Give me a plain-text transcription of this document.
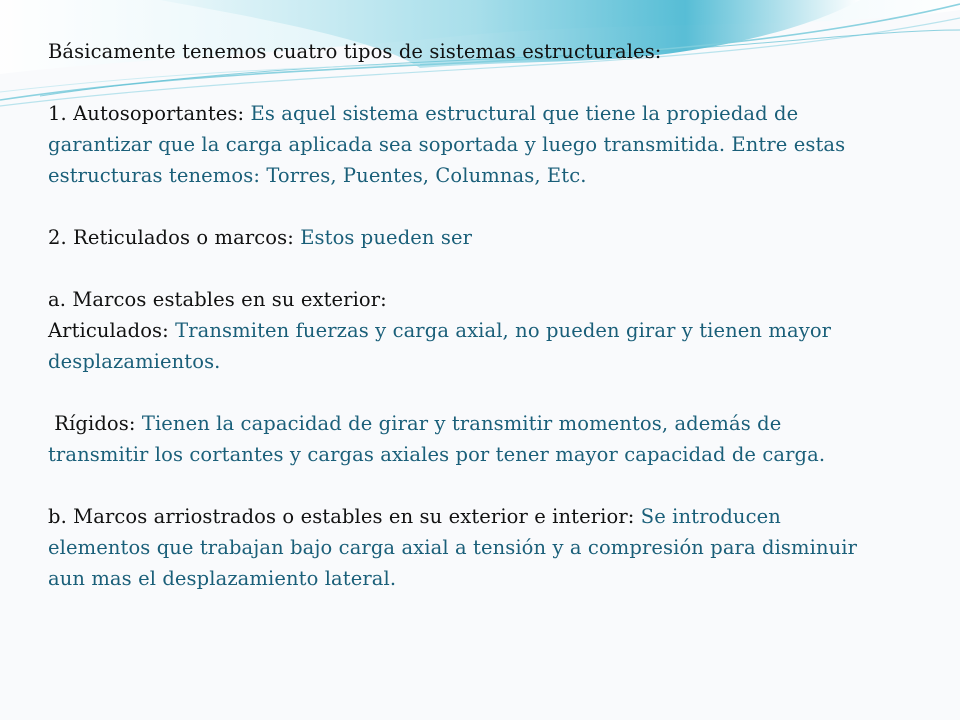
Básicamente tenemos cuatro tipos de sistemas estructurales:
1. Autosoportantes: Es aquel sistema estructural que tiene la propiedad de
garantizar que la carga aplicada sea soportada y luego transmitida. Entre estas
estructuras tenemos: Torres, Puentes, Columnas, Etc.
2. Reticulados o marcos: Estos pueden ser
a. Marcos estables en su exterior:
Articulados: Transmiten fuerzas y carga axial, no pueden girar y tienen mayor
desplazamientos.
Rígidos: Tienen la capacidad de girar y transmitir momentos, además de
transmitir los cortantes y cargas axiales por tener mayor capacidad de carga.
b. Marcos arriostrados o estables en su exterior e interior: Se introducen
elementos que trabajan bajo carga axial a tensión y a compresión para disminuir
aun mas el desplazamiento lateral.
